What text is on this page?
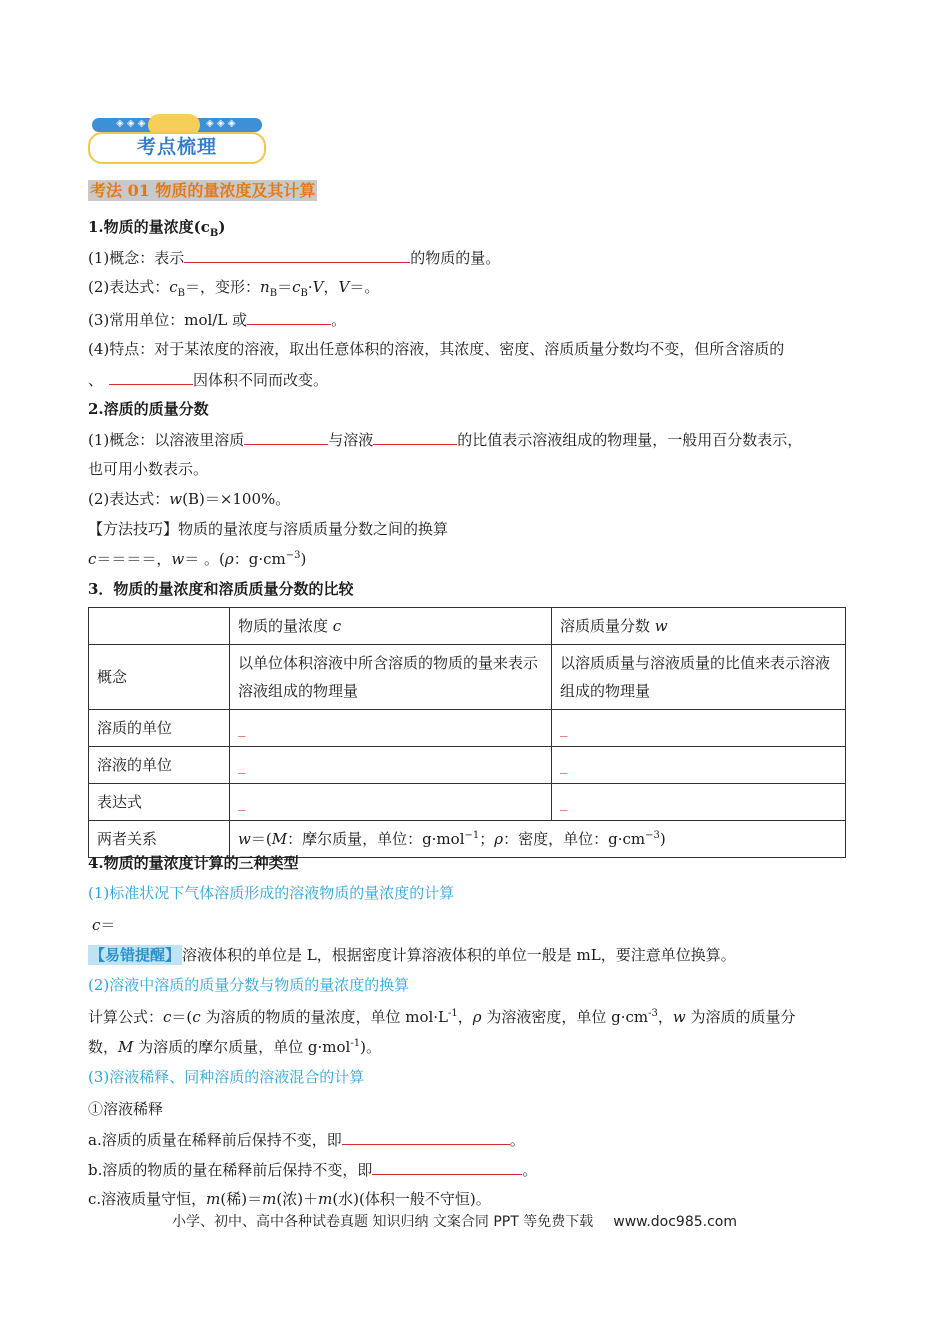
◈ ◈ ◈	◈ ◈ ◈
考点梳理
考法 01 物质的量浓度及其计算
1.物质的量浓度$(c_B)$
(1)概念：表示	的物质的量。
(2)表达式：$c_B=$，变形：$n_B=c_B\cdot V$，V＝。
(3)常用单位：mol/L 或	。
(4)特点：对于某浓度的溶液，取出任意体积的溶液，其浓度、密度、溶质质量分数均不变，但所含溶质的
、	因体积不同而改变。
2.溶质的质量分数
(1)概念：以溶液里溶质	与溶液	的比值表示溶液组成的物理量，一般用百分数表示，
也可用小数表示。
(2)表达式：w(B)＝×100%。
【方法技巧】物质的量浓度与溶质质量分数之间的换算
c＝＝＝＝，w＝ 。(ρ：$g\cdot cm^{-3}$)
3．物质的量浓度和溶质质量分数的比较
	物质的量浓度 c	溶质质量分数 w
概念	以单位体积溶液中所含溶质的物质的量来表示溶液组成的物理量	以溶质质量与溶液质量的比值来表示溶液组成的物理量
溶质的单位	_	_
溶液的单位	_	_
表达式	_	_
两者关系	w＝(M：摩尔质量，单位：g·mol$^{-1}$；ρ：密度，单位：$g\cdot cm^{-3}$)	
4.物质的量浓度计算的三种类型
(1)标准状况下气体溶质形成的溶液物质的量浓度的计算
c＝
【易错提醒】 溶液体积的单位是 L，根据密度计算溶液体积的单位一般是 mL，要注意单位换算。
(2)溶液中溶质的质量分数与物质的量浓度的换算
计算公式：c＝(c 为溶质的物质的量浓度，单位 $mol\cdot L^{-1}$，ρ 为溶液密度，单位 $g\cdot cm^{-3}$，w 为溶质的质量分
数，M 为溶质的摩尔质量，单位 g·mol$^{-1}$)。
(3)溶液稀释、同种溶质的溶液混合的计算
①溶液稀释
a.溶质的质量在稀释前后保持不变，即	。
b.溶质的物质的量在稀释前后保持不变，即	。
c.溶液质量守恒，m(稀)＝m(浓)＋m(水)(体积一般不守恒)。
小学、初中、高中各种试卷真题 知识归纳 文案合同 PPT 等免费下载 www.doc985.com
